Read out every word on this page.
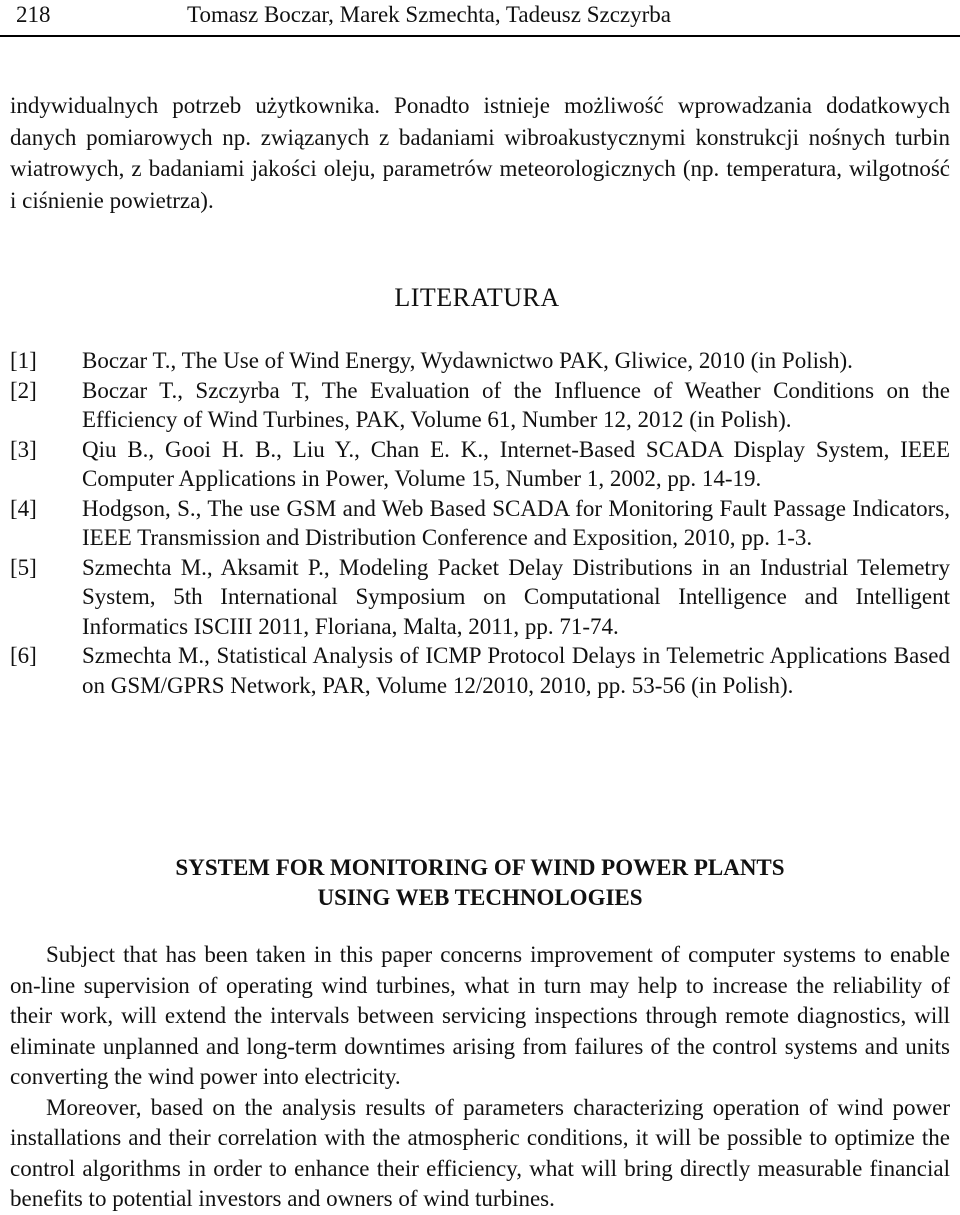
218	Tomasz Boczar, Marek Szmechta, Tadeusz Szczyrba

indywidualnych potrzeb użytkownika. Ponadto istnieje możliwość wprowadzania dodatkowych danych pomiarowych np. związanych z badaniami wibroakustycznymi konstrukcji nośnych turbin wiatrowych, z badaniami jakości oleju, parametrów meteorologicznych (np. temperatura, wilgotność i ciśnienie powietrza).

LITERATURA
[1]	Boczar T., The Use of Wind Energy, Wydawnictwo PAK, Gliwice, 2010 (in Polish).
[2]	Boczar T., Szczyrba T, The Evaluation of the Influence of Weather Conditions on the Efficiency of Wind Turbines, PAK, Volume 61, Number 12, 2012 (in Polish).
[3]	Qiu B., Gooi H. B., Liu Y., Chan E. K., Internet-Based SCADA Display System, IEEE Computer Applications in Power, Volume 15, Number 1, 2002, pp. 14-19.
[4]	Hodgson, S., The use GSM and Web Based SCADA for Monitoring Fault Passage Indicators, IEEE Transmission and Distribution Conference and Exposition, 2010, pp. 1-3.
[5]	Szmechta M., Aksamit P., Modeling Packet Delay Distributions in an Industrial Telemetry System, 5th International Symposium on Computational Intelligence and Intelligent Informatics ISCIII 2011, Floriana, Malta, 2011, pp. 71-74.
[6]	Szmechta M., Statistical Analysis of ICMP Protocol Delays in Telemetric Applications Based on GSM/GPRS Network, PAR, Volume 12/2010, 2010, pp. 53-56 (in Polish).
SYSTEM FOR MONITORING OF WIND POWER PLANTS
USING WEB TECHNOLOGIES

Subject that has been taken in this paper concerns improvement of computer systems to enable on-line supervision of operating wind turbines, what in turn may help to increase the reliability of their work, will extend the intervals between servicing inspections through remote diagnostics, will eliminate unplanned and long-term downtimes arising from failures of the control systems and units converting the wind power into electricity.

Moreover, based on the analysis results of parameters characterizing operation of wind power installations and their correlation with the atmospheric conditions, it will be possible to optimize the control algorithms in order to enhance their efficiency, what will bring directly measurable financial benefits to potential investors and owners of wind turbines.
